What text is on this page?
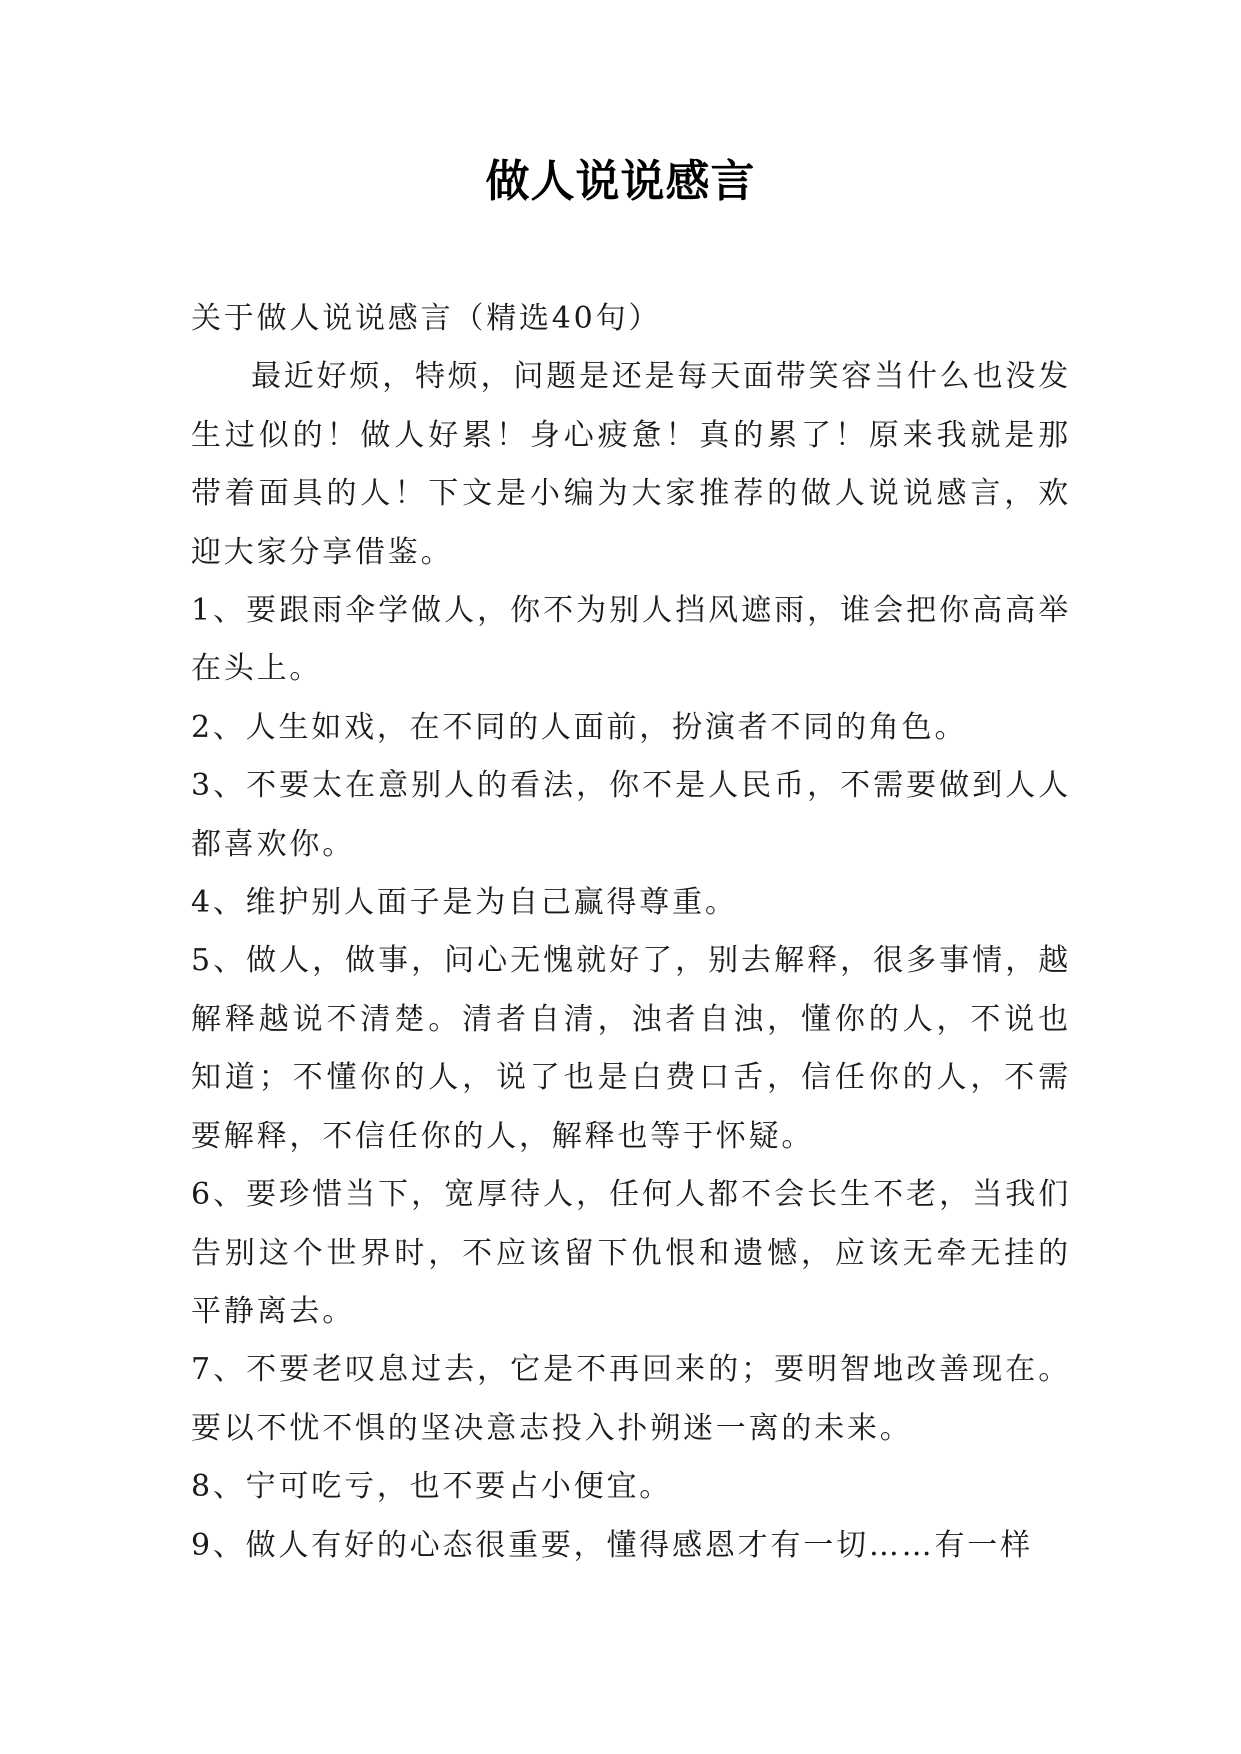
做人说说感言

关于做人说说感言（精选40句）

最近好烦，特烦，问题是还是每天面带笑容当什么也没发生过似的！做人好累！身心疲惫！真的累了！原来我就是那带着面具的人！下文是小编为大家推荐的做人说说感言，欢迎大家分享借鉴。

1、要跟雨伞学做人，你不为别人挡风遮雨，谁会把你高高举在头上。

2、人生如戏，在不同的人面前，扮演者不同的角色。

3、不要太在意别人的看法，你不是人民币，不需要做到人人都喜欢你。

4、维护别人面子是为自己赢得尊重。

5、做人，做事，问心无愧就好了，别去解释，很多事情，越解释越说不清楚。清者自清，浊者自浊，懂你的人，不说也知道；不懂你的人，说了也是白费口舌，信任你的人，不需要解释，不信任你的人，解释也等于怀疑。

6、要珍惜当下，宽厚待人，任何人都不会长生不老，当我们告别这个世界时，不应该留下仇恨和遗憾，应该无牵无挂的平静离去。

7、不要老叹息过去，它是不再回来的；要明智地改善现在。要以不忧不惧的坚决意志投入扑朔迷一离的未来。

8、宁可吃亏，也不要占小便宜。

9、做人有好的心态很重要，懂得感恩才有一切……有一样
